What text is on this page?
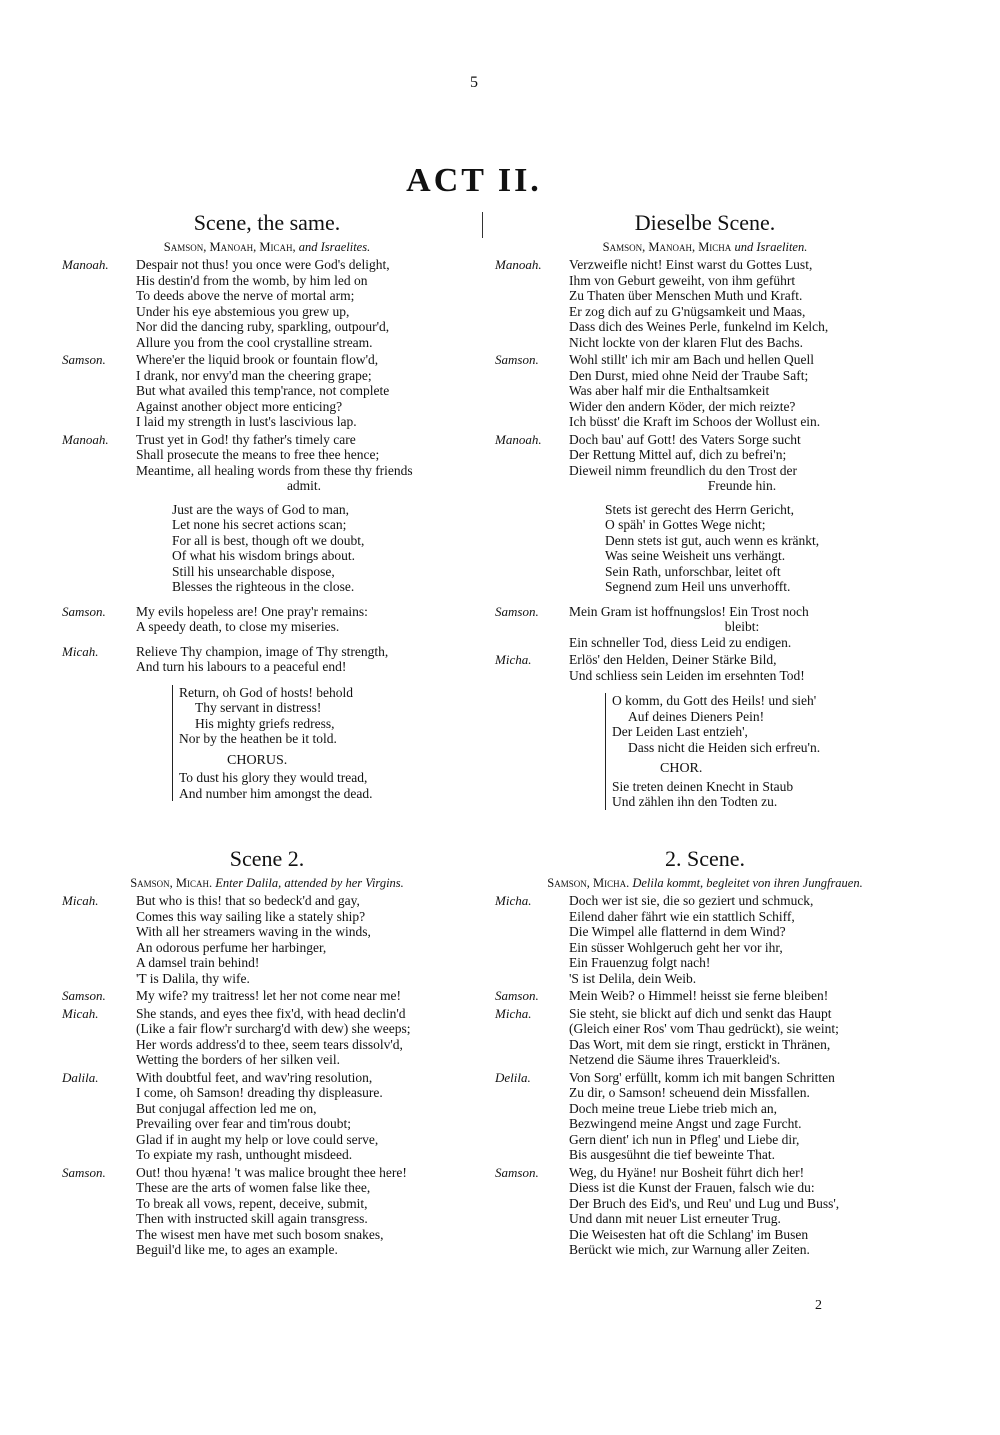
5
ACT II.
Scene, the same.
Samson, Manoah, Micah, and Israelites.
Manoah.	Despair not thus! you once were God's delight,
His destin'd from the womb, by him led on
To deeds above the nerve of mortal arm;
Under his eye abstemious you grew up,
Nor did the dancing ruby, sparkling, outpour'd,
Allure you from the cool crystalline stream.
Samson.	Where'er the liquid brook or fountain flow'd,
I drank, nor envy'd man the cheering grape;
But what availed this temp'rance, not complete
Against another object more enticing?
I laid my strength in lust's lascivious lap.
Manoah.	Trust yet in God! thy father's timely care
Shall prosecute the means to free thee hence;
Meantime, all healing words from these thy friends
admit.
Just are the ways of God to man,
Let none his secret actions scan;
For all is best, though oft we doubt,
Of what his wisdom brings about.
Still his unsearchable dispose,
Blesses the righteous in the close.
Samson.	My evils hopeless are! One pray'r remains:
A speedy death, to close my miseries.
Micah.	Relieve Thy champion, image of Thy strength,
And turn his labours to a peaceful end!
Return, oh God of hosts! behold
Thy servant in distress!
His mighty griefs redress,
Nor by the heathen be it told.
CHORUS.
To dust his glory they would tread,
And number him amongst the dead.
Scene 2.
Samson, Micah. Enter Dalila, attended by her Virgins.
Micah.	But who is this! that so bedeck'd and gay,
Comes this way sailing like a stately ship?
With all her streamers waving in the winds,
An odorous perfume her harbinger,
A damsel train behind!
'T is Dalila, thy wife.
Samson.	My wife? my traitress! let her not come near me!
Micah.	She stands, and eyes thee fix'd, with head declin'd
(Like a fair flow'r surcharg'd with dew) she weeps;
Her words address'd to thee, seem tears dissolv'd,
Wetting the borders of her silken veil.
Dalila.	With doubtful feet, and wav'ring resolution,
I come, oh Samson! dreading thy displeasure.
But conjugal affection led me on,
Prevailing over fear and tim'rous doubt;
Glad if in aught my help or love could serve,
To expiate my rash, unthought misdeed.
Samson.	Out! thou hyæna! 't was malice brought thee here!
These are the arts of women false like thee,
To break all vows, repent, deceive, submit,
Then with instructed skill again transgress.
The wisest men have met such bosom snakes,
Beguil'd like me, to ages an example.
Dieselbe Scene.
Samson, Manoah, Micha und Israeliten.
Manoah.	Verzweifle nicht! Einst warst du Gottes Lust,
Ihm von Geburt geweiht, von ihm geführt
Zu Thaten über Menschen Muth und Kraft.
Er zog dich auf zu G'nügsamkeit und Maas,
Dass dich des Weines Perle, funkelnd im Kelch,
Nicht lockte von der klaren Flut des Bachs.
Samson.	Wohl stillt' ich mir am Bach und hellen Quell
Den Durst, mied ohne Neid der Traube Saft;
Was aber half mir die Enthaltsamkeit
Wider den andern Köder, der mich reizte?
Ich büsst' die Kraft im Schoos der Wollust ein.
Manoah.	Doch bau' auf Gott! des Vaters Sorge sucht
Der Rettung Mittel auf, dich zu befrei'n;
Dieweil nimm freundlich du den Trost der
Freunde hin.
Stets ist gerecht des Herrn Gericht,
O späh' in Gottes Wege nicht;
Denn stets ist gut, auch wenn es kränkt,
Was seine Weisheit uns verhängt.
Sein Rath, unforschbar, leitet oft
Segnend zum Heil uns unverhofft.
Samson.	Mein Gram ist hoffnungslos! Ein Trost noch
bleibt:
Ein schneller Tod, diess Leid zu endigen.
Micha.	Erlös' den Helden, Deiner Stärke Bild,
Und schliess sein Leiden im ersehnten Tod!
O komm, du Gott des Heils! und sieh'
Auf deines Dieners Pein!
Der Leiden Last entzieh',
Dass nicht die Heiden sich erfreu'n.
CHOR.
Sie treten deinen Knecht in Staub
Und zählen ihn den Todten zu.
2. Scene.
Samson, Micha. Delila kommt, begleitet von ihren Jungfrauen.
Micha.	Doch wer ist sie, die so geziert und schmuck,
Eilend daher fährt wie ein stattlich Schiff,
Die Wimpel alle flatternd in dem Wind?
Ein süsser Wohlgeruch geht her vor ihr,
Ein Frauenzug folgt nach!
'S ist Delila, dein Weib.
Samson.	Mein Weib? o Himmel! heisst sie ferne bleiben!
Micha.	Sie steht, sie blickt auf dich und senkt das Haupt
(Gleich einer Ros' vom Thau gedrückt), sie weint;
Das Wort, mit dem sie ringt, erstickt in Thränen,
Netzend die Säume ihres Trauerkleid's.
Delila.	Von Sorg' erfüllt, komm ich mit bangen Schritten
Zu dir, o Samson! scheuend dein Missfallen.
Doch meine treue Liebe trieb mich an,
Bezwingend meine Angst und zage Furcht.
Gern dient' ich nun in Pfleg' und Liebe dir,
Bis ausgesühnt die tief beweinte That.
Samson.	Weg, du Hyäne! nur Bosheit führt dich her!
Diess ist die Kunst der Frauen, falsch wie du:
Der Bruch des Eid's, und Reu' und Lug und Buss',
Und dann mit neuer List erneuter Trug.
Die Weisesten hat oft die Schlang' im Busen
Berückt wie mich, zur Warnung aller Zeiten.
2
